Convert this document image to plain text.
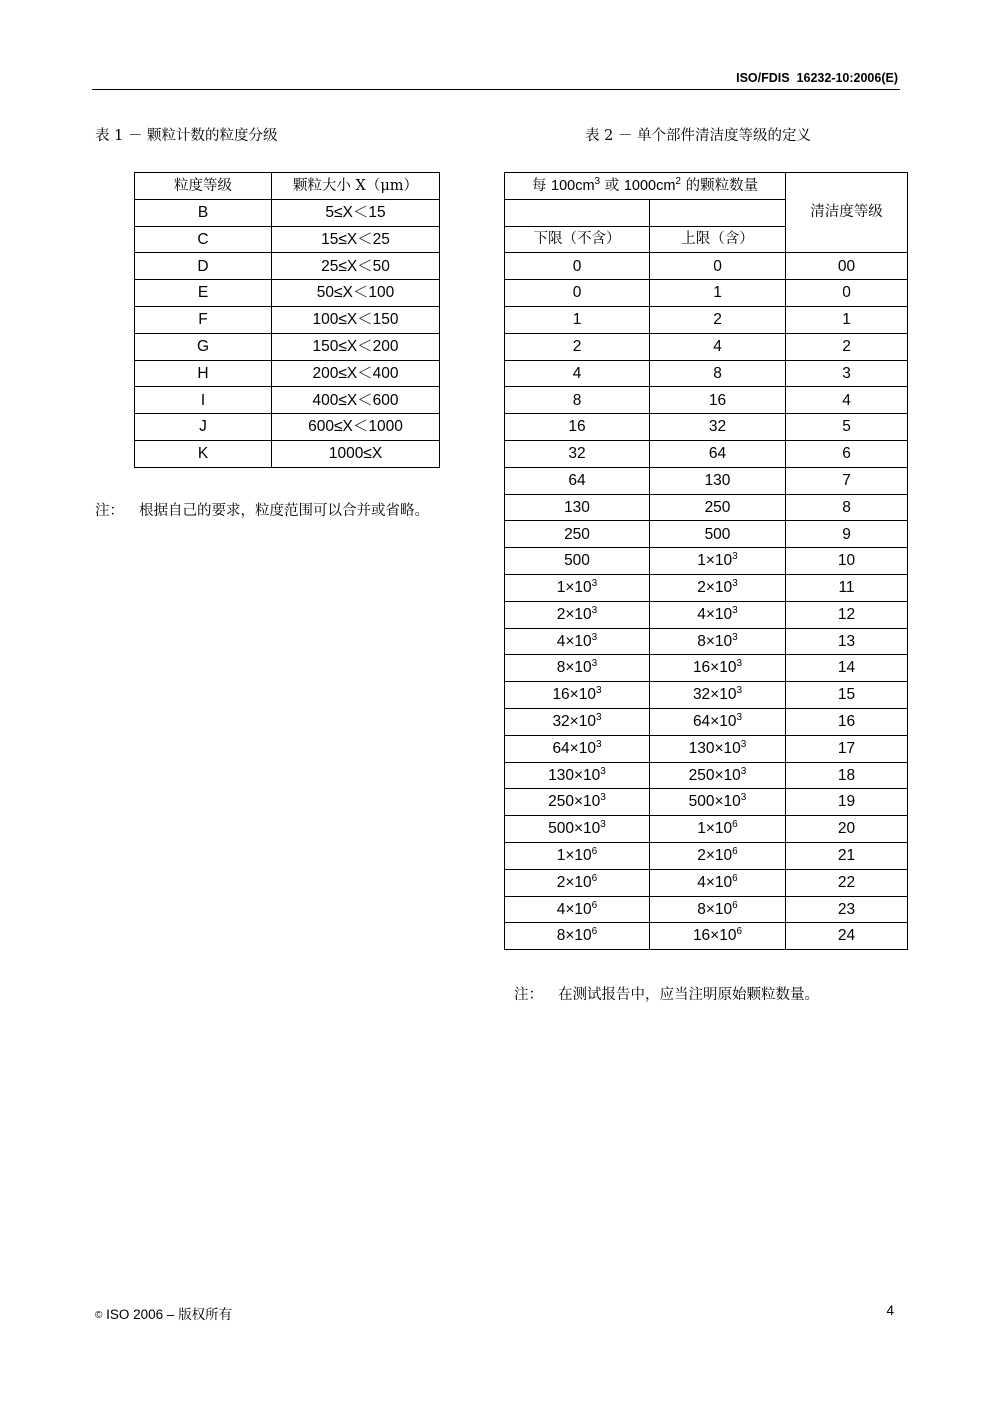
ISO/FDIS  16232-10:2006(E)
表 1 － 颗粒计数的粒度分级	表 2 － 单个部件清洁度等级的定义
粒度等级	颗粒大小 X（μm）
B	5≤X＜15
C	15≤X＜25
D	25≤X＜50
E	50≤X＜100
F	100≤X＜150
G	150≤X＜200
H	200≤X＜400
I	400≤X＜600
J	600≤X＜1000
K	1000≤X
注： 根据自己的要求，粒度范围可以合并或省略。
每 $100cm^3$ 或 $1000cm^2$ 的颗粒数量		清洁度等级

下限（不含）	上限（含）	
0	0	00
0	1	0
1	2	1
2	4	2
4	8	3
8	16	4
16	32	5
32	64	6
64	130	7
130	250	8
250	500	9
500	$1\times 10^3$	10
$1\times 10^3$	$2\times 10^3$	11
$2\times 10^3$	$4\times 10^3$	12
$4\times 10^3$	$8\times 10^3$	13
$8\times 10^3$	$16\times 10^3$	14
$16\times 10^3$	$32\times 10^3$	15
$32\times 10^3$	$64\times 10^3$	16
$64\times 10^3$	$130\times 10^3$	17
$130\times 10^3$	$250\times 10^3$	18
$250\times 10^3$	$500\times 10^3$	19
$500\times 10^3$	$1\times 10^6$	20
$1\times 10^6$	$2\times 10^6$	21
$2\times 10^6$	$4\times 10^6$	22
$4\times 10^6$	$8\times 10^6$	23
$8\times 10^6$	$16\times 10^6$	24
注： 在测试报告中，应当注明原始颗粒数量。
© ISO 2006 – 版权所有	4
